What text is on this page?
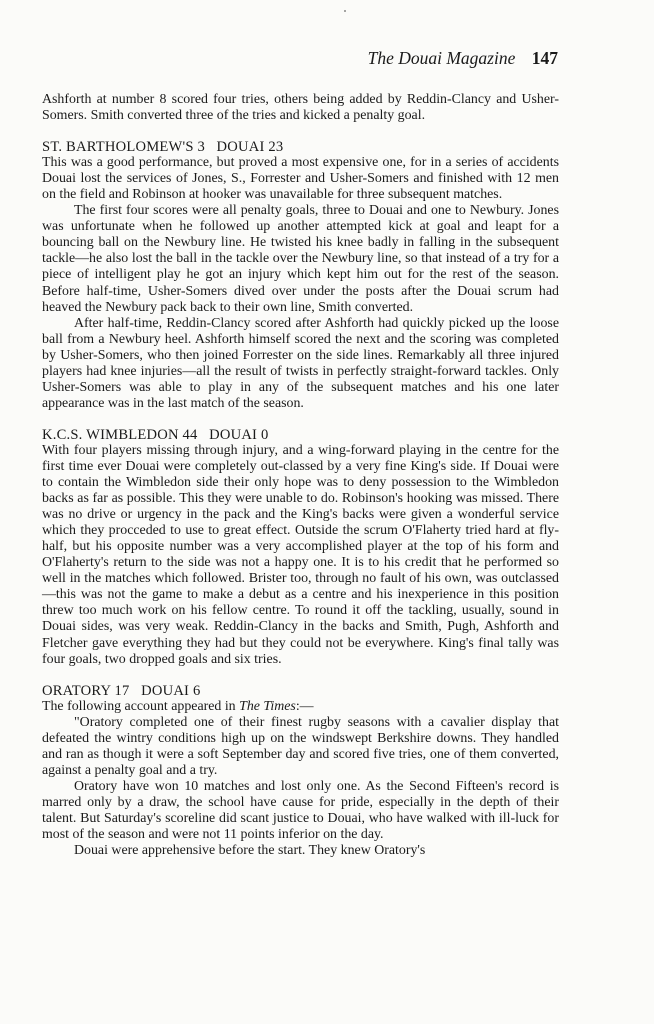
The Douai Magazine 147

Ashforth at number 8 scored four tries, others being added by Reddin-Clancy and Usher-Somers. Smith converted three of the tries and kicked a penalty goal.

ST. BARTHOLOMEW'S 3   DOUAI 23

This was a good performance, but proved a most expensive one, for in a series of accidents Douai lost the services of Jones, S., Forrester and Usher-Somers and finished with 12 men on the field and Robinson at hooker was unavailable for three subsequent matches.

The first four scores were all penalty goals, three to Douai and one to Newbury. Jones was unfortunate when he followed up another attempted kick at goal and leapt for a bouncing ball on the Newbury line. He twisted his knee badly in falling in the subsequent tackle—he also lost the ball in the tackle over the Newbury line, so that instead of a try for a piece of intelligent play he got an injury which kept him out for the rest of the season. Before half-time, Usher-Somers dived over under the posts after the Douai scrum had heaved the Newbury pack back to their own line, Smith converted.

After half-time, Reddin-Clancy scored after Ashforth had quickly picked up the loose ball from a Newbury heel. Ashforth himself scored the next and the scoring was completed by Usher-Somers, who then joined Forrester on the side lines. Remarkably all three injured players had knee injuries—all the result of twists in perfectly straight-forward tackles. Only Usher-Somers was able to play in any of the subsequent matches and his one later appearance was in the last match of the season.

K.C.S. WIMBLEDON 44   DOUAI 0

With four players missing through injury, and a wing-forward playing in the centre for the first time ever Douai were completely out-classed by a very fine King's side. If Douai were to contain the Wimbledon side their only hope was to deny possession to the Wimbledon backs as far as possible. This they were unable to do. Robinson's hooking was missed. There was no drive or urgency in the pack and the King's backs were given a wonderful service which they procceded to use to great effect. Outside the scrum O'Flaherty tried hard at fly-half, but his opposite number was a very accomplished player at the top of his form and O'Flaherty's return to the side was not a happy one. It is to his credit that he performed so well in the matches which followed. Brister too, through no fault of his own, was outclassed—this was not the game to make a debut as a centre and his inexperience in this position threw too much work on his fellow centre. To round it off the tackling, usually, sound in Douai sides, was very weak. Reddin-Clancy in the backs and Smith, Pugh, Ashforth and Fletcher gave everything they had but they could not be everywhere. King's final tally was four goals, two dropped goals and six tries.

ORATORY 17   DOUAI 6

The following account appeared in The Times:—

"Oratory completed one of their finest rugby seasons with a cavalier display that defeated the wintry conditions high up on the windswept Berkshire downs. They handled and ran as though it were a soft September day and scored five tries, one of them converted, against a penalty goal and a try.

Oratory have won 10 matches and lost only one. As the Second Fifteen's record is marred only by a draw, the school have cause for pride, especially in the depth of their talent. But Saturday's scoreline did scant justice to Douai, who have walked with ill-luck for most of the season and were not 11 points inferior on the day.

Douai were apprehensive before the start. They knew Oratory's
